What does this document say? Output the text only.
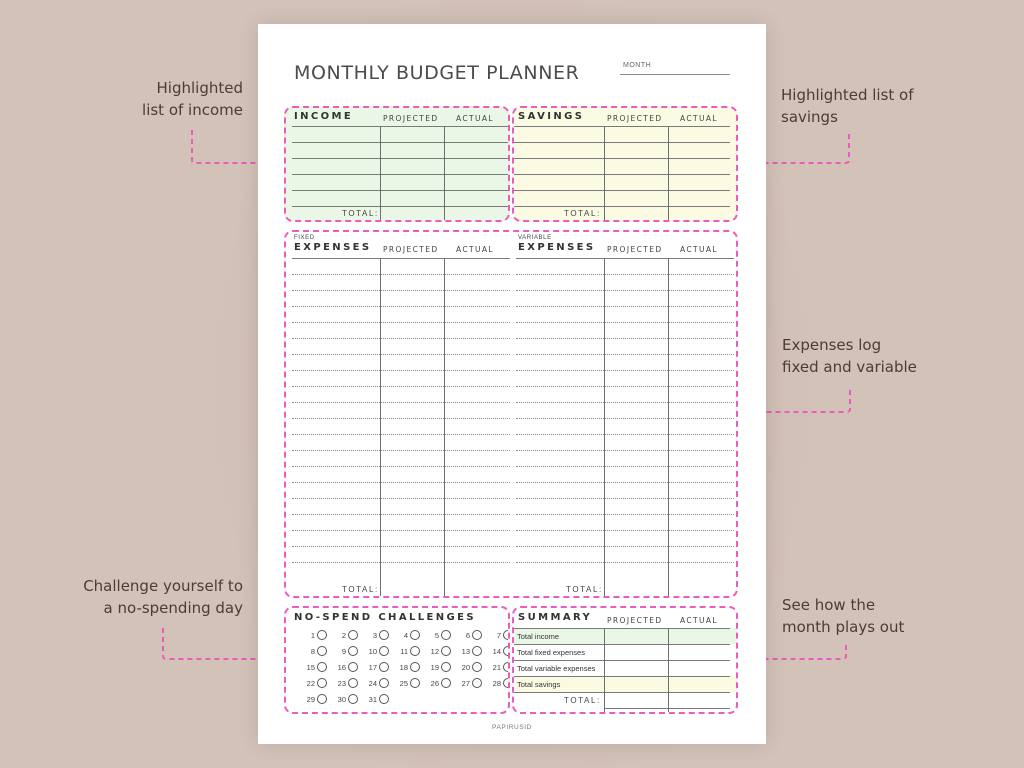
Highlighted
list of income
Highlighted list of
savings
Expenses log
fixed and variable
Challenge yourself to
a no-spending day	See how the
month plays out
MONTHLY BUDGET PLANNER	MONTH
INCOME	PROJECTED ACTUAL
TOTAL:
SAVINGS	PROJECTED ACTUAL
TOTAL:
FIXED
EXPENSES PROJECTED ACTUAL
VARIABLE
EXPENSES PROJECTED ACTUAL
TOTAL:	TOTAL:
NO-SPEND CHALLENGES
1	2	3	4	5	6	7
8	9	10	11	12	13	14
15	16	17	18	19	20	21
22	23	24	25	26	27	28
29	30	31
SUMMARY PROJECTED ACTUAL
Total income
Total fixed expenses
Total variable expenses
Total savings
TOTAL:
PAPIRUSID
